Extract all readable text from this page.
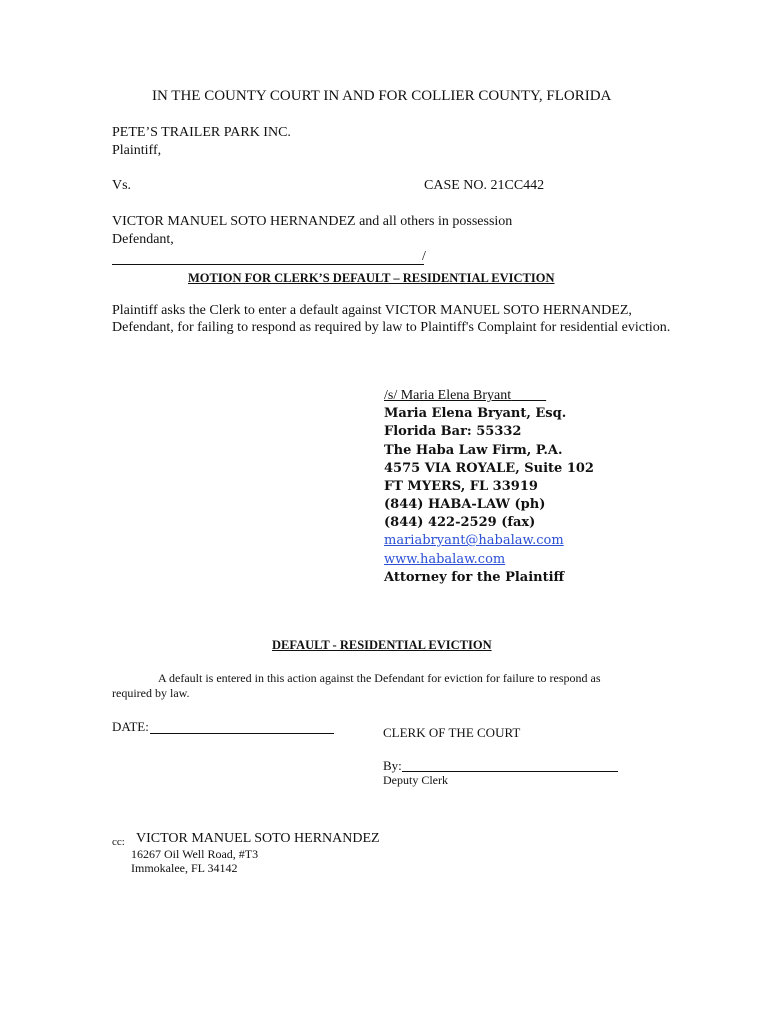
IN THE COUNTY COURT IN AND FOR COLLIER COUNTY, FLORIDA
PETE’S TRAILER PARK INC.
Plaintiff,
Vs.	CASE NO. 21CC442
VICTOR MANUEL SOTO HERNANDEZ and all others in possession
Defendant,
/
MOTION FOR CLERK’S DEFAULT – RESIDENTIAL EVICTION
Plaintiff asks the Clerk to enter a default against VICTOR MANUEL SOTO HERNANDEZ, Defendant, for failing to respond as required by law to Plaintiff's Complaint for residential eviction.
/s/ Maria Elena Bryant
Maria Elena Bryant, Esq.
Florida Bar: 55332
The Haba Law Firm, P.A.
4575 VIA ROYALE, Suite 102
FT MYERS, FL 33919
(844) HABA-LAW (ph)
(844) 422-2529 (fax)
mariabryant@habalaw.com
www.habalaw.com
Attorney for the Plaintiff
DEFAULT - RESIDENTIAL EVICTION
A default is entered in this action against the Defendant for eviction for failure to respond as required by law.
DATE:	CLERK OF THE COURT
By:
Deputy Clerk
cc: VICTOR MANUEL SOTO HERNANDEZ
16267 Oil Well Road, #T3
Immokalee, FL 34142
